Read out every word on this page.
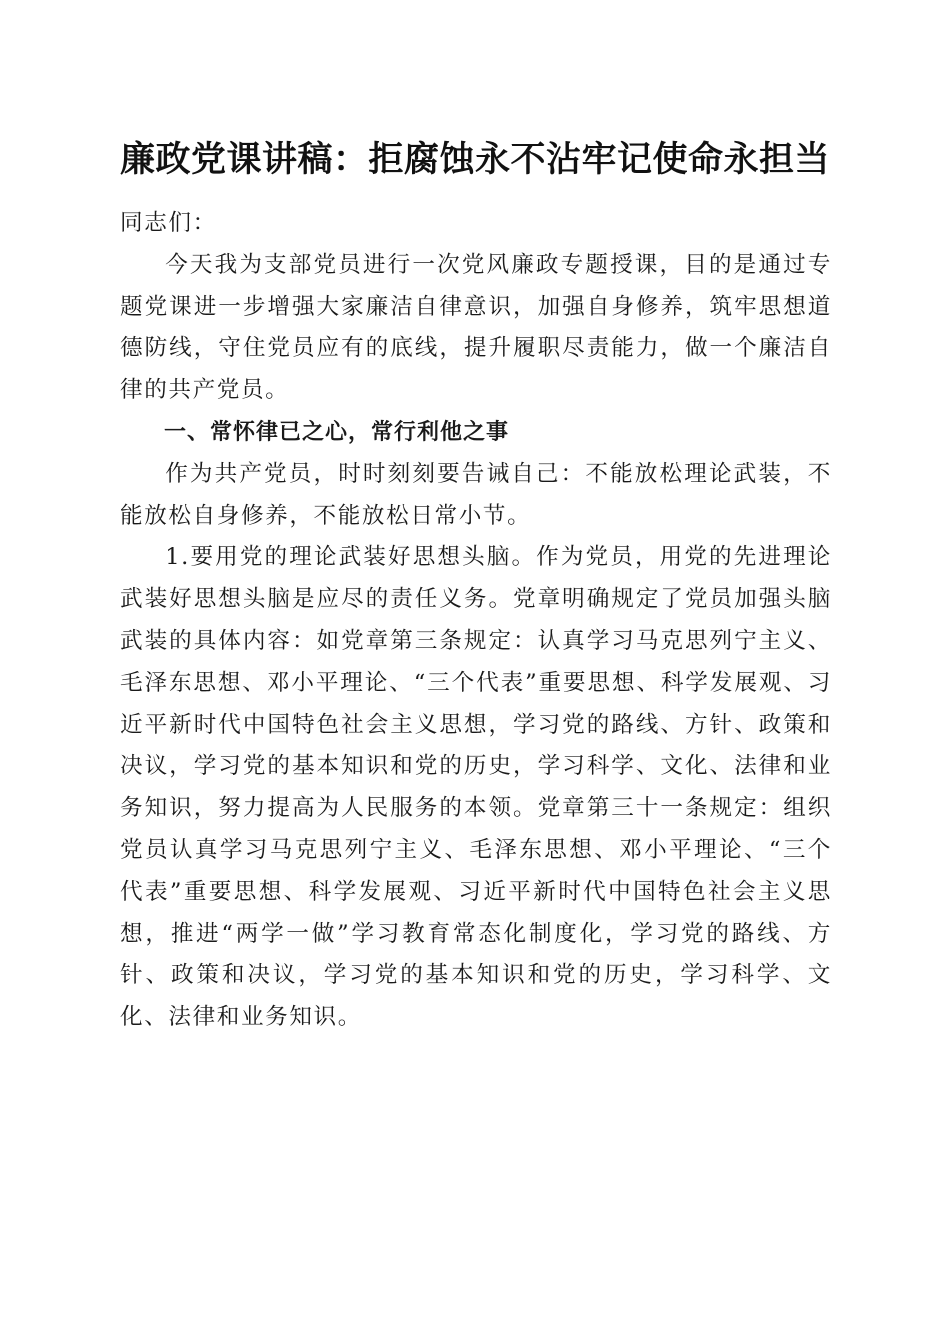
廉政党课讲稿：拒腐蚀永不沾牢记使命永担当

同志们：

今天我为支部党员进行一次党风廉政专题授课，目的是通过专题党课进一步增强大家廉洁自律意识，加强自身修养，筑牢思想道德防线，守住党员应有的底线，提升履职尽责能力，做一个廉洁自律的共产党员。

一、常怀律已之心，常行利他之事

作为共产党员，时时刻刻要告诫自己：不能放松理论武装，不能放松自身修养，不能放松日常小节。

1.要用党的理论武装好思想头脑。作为党员，用党的先进理论武装好思想头脑是应尽的责任义务。党章明确规定了党员加强头脑武装的具体内容：如党章第三条规定：认真学习马克思列宁主义、毛泽东思想、邓小平理论、“三个代表”重要思想、科学发展观、习近平新时代中国特色社会主义思想，学习党的路线、方针、政策和决议，学习党的基本知识和党的历史，学习科学、文化、法律和业务知识，努力提高为人民服务的本领。党章第三十一条规定：组织党员认真学习马克思列宁主义、毛泽东思想、邓小平理论、“三个代表”重要思想、科学发展观、习近平新时代中国特色社会主义思想，推进“两学一做”学习教育常态化制度化，学习党的路线、方针、政策和决议，学习党的基本知识和党的历史，学习科学、文化、法律和业务知识。
